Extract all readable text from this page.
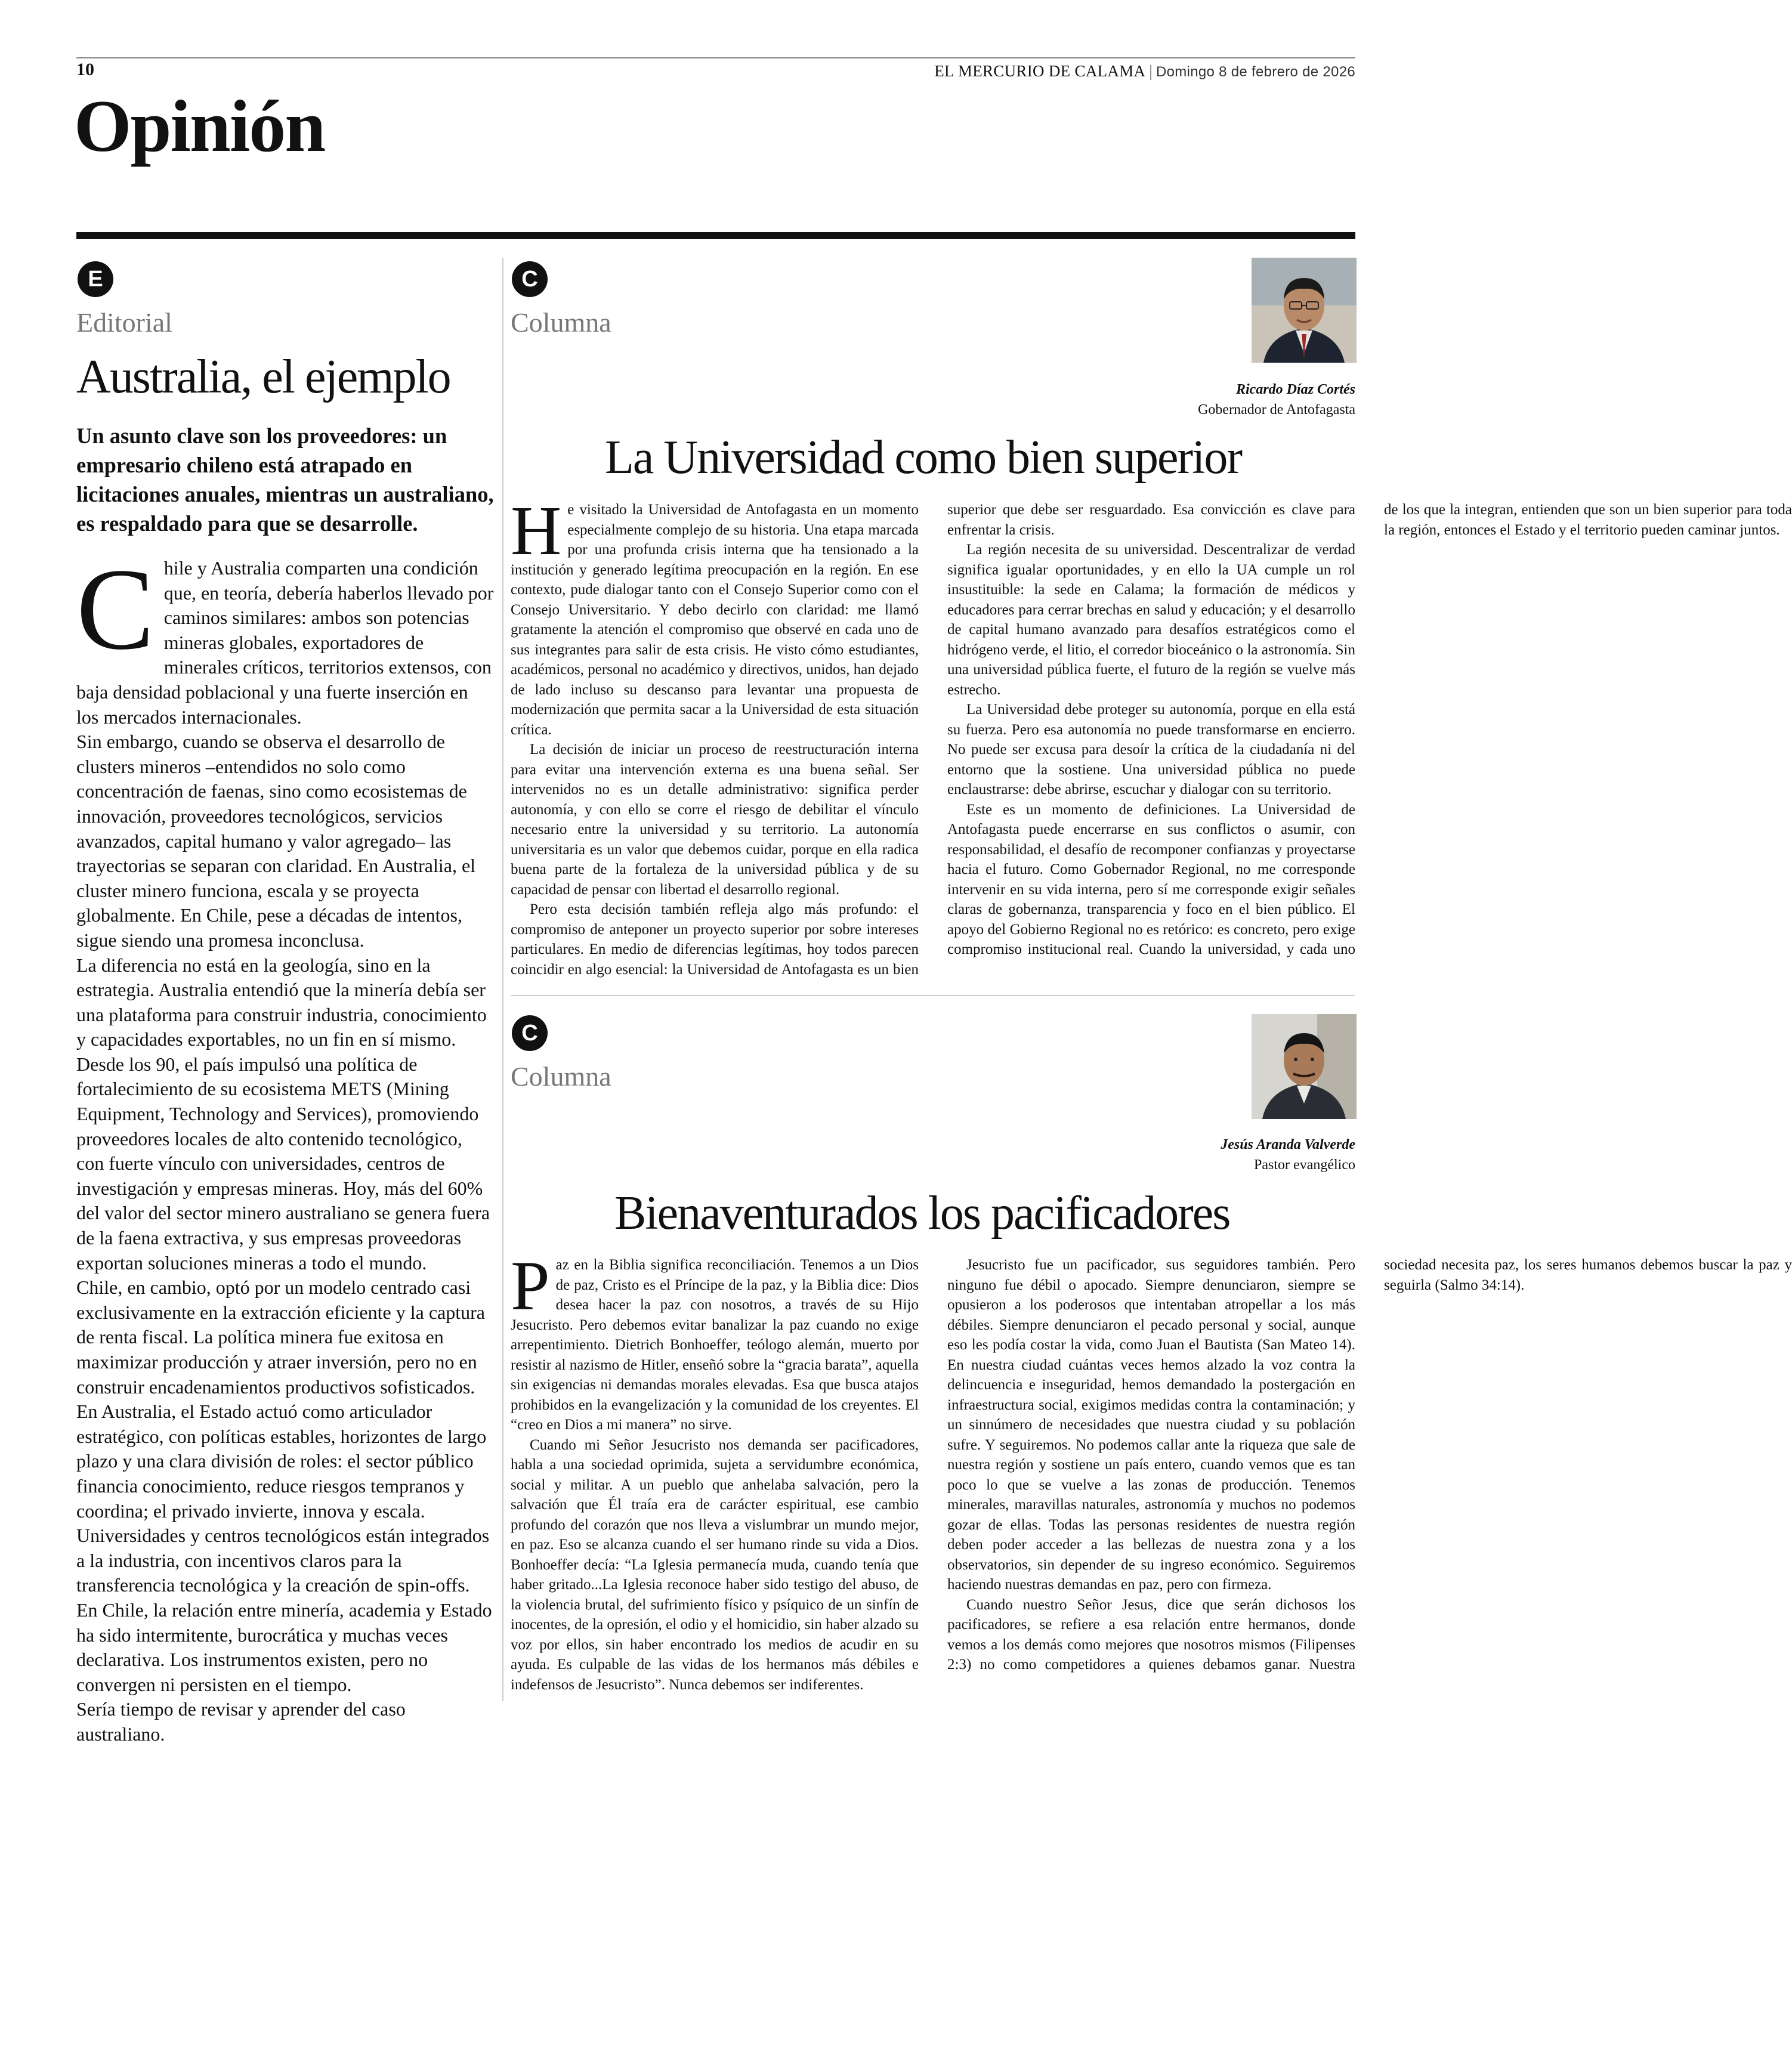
10	EL MERCURIO DE CALAMA | Domingo 8 de febrero de 2026
Opinión
E
Editorial
Australia, el ejemplo
Un asunto clave son los proveedores: un empresario chileno está atrapado en licitaciones anuales, mientras un australiano, es respaldado para que se desarrolle.

Chile y Australia comparten una condición que, en teoría, debería haberlos llevado por caminos similares: ambos son potencias mineras globales, exportadores de minerales críticos, territorios extensos, con baja densidad poblacional y una fuerte inserción en los mercados internacionales.

Sin embargo, cuando se observa el desarrollo de clusters mineros –entendidos no solo como concentración de faenas, sino como ecosistemas de innovación, proveedores tecnológicos, servicios avanzados, capital humano y valor agregado– las trayectorias se separan con claridad. En Australia, el cluster minero funciona, escala y se proyecta globalmente. En Chile, pese a décadas de intentos, sigue siendo una promesa inconclusa.

La diferencia no está en la geología, sino en la estrategia. Australia entendió que la minería debía ser una plataforma para construir industria, conocimiento y capacidades exportables, no un fin en sí mismo. Desde los 90, el país impulsó una política de fortalecimiento de su ecosistema METS (Mining Equipment, Technology and Services), promoviendo proveedores locales de alto contenido tecnológico, con fuerte vínculo con universidades, centros de investigación y empresas mineras. Hoy, más del 60% del valor del sector minero australiano se genera fuera de la faena extractiva, y sus empresas proveedoras exportan soluciones mineras a todo el mundo.

Chile, en cambio, optó por un modelo centrado casi exclusivamente en la extracción eficiente y la captura de renta fiscal. La política minera fue exitosa en maximizar producción y atraer inversión, pero no en construir encadenamientos productivos sofisticados.

En Australia, el Estado actuó como articulador estratégico, con políticas estables, horizontes de largo plazo y una clara división de roles: el sector público financia conocimiento, reduce riesgos tempranos y coordina; el privado invierte, innova y escala. Universidades y centros tecnológicos están integrados a la industria, con incentivos claros para la transferencia tecnológica y la creación de spin-offs. En Chile, la relación entre minería, academia y Estado ha sido intermitente, burocrática y muchas veces declarativa. Los instrumentos existen, pero no convergen ni persisten en el tiempo.

Sería tiempo de revisar y aprender del caso australiano.

C
Columna
Ricardo Díaz Cortés
Gobernador de Antofagasta
La Universidad como bien superior

He visitado la Universidad de Antofagasta en un momento especialmente complejo de su historia. Una etapa marcada por una profunda crisis interna que ha tensionado a la institución y generado legítima preocupación en la región. En ese contexto, pude dialogar tanto con el Consejo Superior como con el Consejo Universitario. Y debo decirlo con claridad: me llamó gratamente la atención el compromiso que observé en cada uno de sus integrantes para salir de esta crisis. He visto cómo estudiantes, académicos, personal no académico y directivos, unidos, han dejado de lado incluso su descanso para levantar una propuesta de modernización que permita sacar a la Universidad de esta situación crítica.

La decisión de iniciar un proceso de reestructuración interna para evitar una intervención externa es una buena señal. Ser intervenidos no es un detalle administrativo: significa perder autonomía, y con ello se corre el riesgo de debilitar el vínculo necesario entre la universidad y su territorio. La autonomía universitaria es un valor que debemos cuidar, porque en ella radica buena parte de la fortaleza de la universidad pública y de su capacidad de pensar con libertad el desarrollo regional.

Pero esta decisión también refleja algo más profundo: el compromiso de anteponer un proyecto superior por sobre intereses particulares. En medio de diferencias legítimas, hoy todos parecen coincidir en algo esencial: la Universidad de Antofagasta es un bien superior que debe ser resguardado. Esa convicción es clave para enfrentar la crisis.

La región necesita de su universidad. Descentralizar de verdad significa igualar oportunidades, y en ello la UA cumple un rol insustituible: la sede en Calama; la formación de médicos y educadores para cerrar brechas en salud y educación; y el desarrollo de capital humano avanzado para desafíos estratégicos como el hidrógeno verde, el litio, el corredor bioceánico o la astronomía. Sin una universidad pública fuerte, el futuro de la región se vuelve más estrecho.

La Universidad debe proteger su autonomía, porque en ella está su fuerza. Pero esa autonomía no puede transformarse en encierro. No puede ser excusa para desoír la crítica de la ciudadanía ni del entorno que la sostiene. Una universidad pública no puede enclaustrarse: debe abrirse, escuchar y dialogar con su territorio.

Este es un momento de definiciones. La Universidad de Antofagasta puede encerrarse en sus conflictos o asumir, con responsabilidad, el desafío de recomponer confianzas y proyectarse hacia el futuro. Como Gobernador Regional, no me corresponde intervenir en su vida interna, pero sí me corresponde exigir señales claras de gobernanza, transparencia y foco en el bien público. El apoyo del Gobierno Regional no es retórico: es concreto, pero exige compromiso institucional real. Cuando la universidad, y cada uno de los que la integran, entienden que son un bien superior para toda la región, entonces el Estado y el territorio pueden caminar juntos.

C
Columna
Jesús Aranda Valverde
Pastor evangélico
Bienaventurados los pacificadores

Paz en la Biblia significa reconciliación. Tenemos a un Dios de paz, Cristo es el Príncipe de la paz, y la Biblia dice: Dios desea hacer la paz con nosotros, a través de su Hijo Jesucristo. Pero debemos evitar banalizar la paz cuando no exige arrepentimiento. Dietrich Bonhoeffer, teólogo alemán, muerto por resistir al nazismo de Hitler, enseñó sobre la “gracia barata”, aquella sin exigencias ni demandas morales elevadas. Esa que busca atajos prohibidos en la evangelización y la comunidad de los creyentes. El “creo en Dios a mi manera” no sirve.

Cuando mi Señor Jesucristo nos demanda ser pacificadores, habla a una sociedad oprimida, sujeta a servidumbre económica, social y militar. A un pueblo que anhelaba salvación, pero la salvación que Él traía era de carácter espiritual, ese cambio profundo del corazón que nos lleva a vislumbrar un mundo mejor, en paz. Eso se alcanza cuando el ser humano rinde su vida a Dios. Bonhoeffer decía: “La Iglesia permanecía muda, cuando tenía que haber gritado...La Iglesia reconoce haber sido testigo del abuso, de la violencia brutal, del sufrimiento físico y psíquico de un sinfín de inocentes, de la opresión, el odio y el homicidio, sin haber alzado su voz por ellos, sin haber encontrado los medios de acudir en su ayuda. Es culpable de las vidas de los hermanos más débiles e indefensos de Jesucristo”. Nunca debemos ser indiferentes.

Jesucristo fue un pacificador, sus seguidores también. Pero ninguno fue débil o apocado. Siempre denunciaron, siempre se opusieron a los poderosos que intentaban atropellar a los más débiles. Siempre denunciaron el pecado personal y social, aunque eso les podía costar la vida, como Juan el Bautista (San Mateo 14). En nuestra ciudad cuántas veces hemos alzado la voz contra la delincuencia e inseguridad, hemos demandado la postergación en infraestructura social, exigimos medidas contra la contaminación; y un sinnúmero de necesidades que nuestra ciudad y su población sufre. Y seguiremos. No podemos callar ante la riqueza que sale de nuestra región y sostiene un país entero, cuando vemos que es tan poco lo que se vuelve a las zonas de producción. Tenemos minerales, maravillas naturales, astronomía y muchos no podemos gozar de ellas. Todas las personas residentes de nuestra región deben poder acceder a las bellezas de nuestra zona y a los observatorios, sin depender de su ingreso económico. Seguiremos haciendo nuestras demandas en paz, pero con firmeza.

Cuando nuestro Señor Jesus, dice que serán dichosos los pacificadores, se refiere a esa relación entre hermanos, donde vemos a los demás como mejores que nosotros mismos (Filipenses 2:3) no como competidores a quienes debamos ganar. Nuestra sociedad necesita paz, los seres humanos debemos buscar la paz y seguirla (Salmo 34:14).
